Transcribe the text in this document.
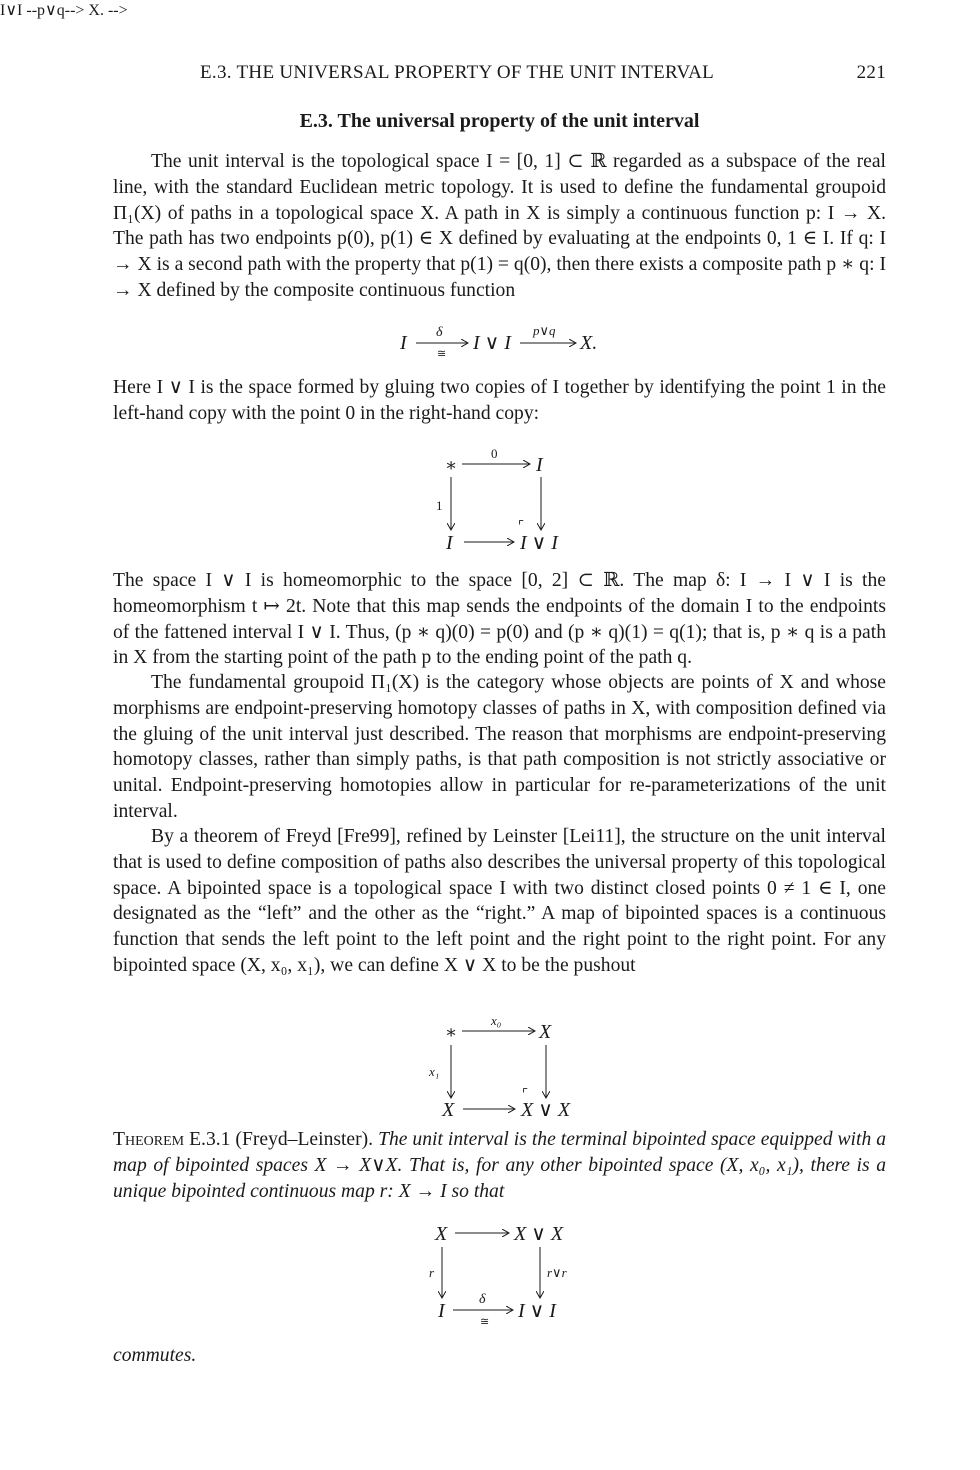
E.3. THE UNIVERSAL PROPERTY OF THE UNIT INTERVAL	221
E.3. The universal property of the unit interval

The unit interval is the topological space I = [0, 1] ⊂ ℝ regarded as a subspace of the real line, with the standard Euclidean metric topology. It is used to define the fundamental groupoid Π₁(X) of paths in a topological space X. A path in X is simply a continuous function p: I → X. The path has two endpoints p(0), p(1) ∈ X defined by evaluating at the endpoints 0, 1 ∈ I. If q: I → X is a second path with the property that p(1) = q(0), then there exists a composite path p ∗ q: I → X defined by the composite continuous function

I∨I --p∨q--> X. -->
I δ
≅ I ∨ I
p∨q
X.

Here I ∨ I is the space formed by gluing two copies of I together by identifying the point 1 in the left-hand copy with the point 0 in the right-hand copy:

∗
0
I
1
⌜
I	I ∨ I

The space I ∨ I is homeomorphic to the space [0, 2] ⊂ ℝ. The map δ: I → I ∨ I is the homeomorphism t ↦ 2t. Note that this map sends the endpoints of the domain I to the endpoints of the fattened interval I ∨ I. Thus, (p ∗ q)(0) = p(0) and (p ∗ q)(1) = q(1); that is, p ∗ q is a path in X from the starting point of the path p to the ending point of the path q.

The fundamental groupoid Π₁(X) is the category whose objects are points of X and whose morphisms are endpoint-preserving homotopy classes of paths in X, with composition defined via the gluing of the unit interval just described. The reason that morphisms are endpoint-preserving homotopy classes, rather than simply paths, is that path composition is not strictly associative or unital. Endpoint-preserving homotopies allow in particular for re-parameterizations of the unit interval.

By a theorem of Freyd [Fre99], refined by Leinster [Lei11], the structure on the unit interval that is used to define composition of paths also describes the universal property of this topological space. A bipointed space is a topological space I with two distinct closed points 0 ≠ 1 ∈ I, one designated as the “left” and the other as the “right.” A map of bipointed spaces is a continuous function that sends the left point to the left point and the right point to the right point. For any bipointed space (X, x₀, x₁), we can define X ∨ X to be the pushout

∗
x₀
X
x₁
⌜
X	X ∨ X

Theorem E.3.1 (Freyd–Leinster). The unit interval is the terminal bipointed space equipped with a map of bipointed spaces X → X∨X. That is, for any other bipointed space (X, x₀, x₁), there is a unique bipointed continuous map r: X → I so that

X	X ∨ X
r	r∨r
I
δ
≅ I ∨ I

commutes.
